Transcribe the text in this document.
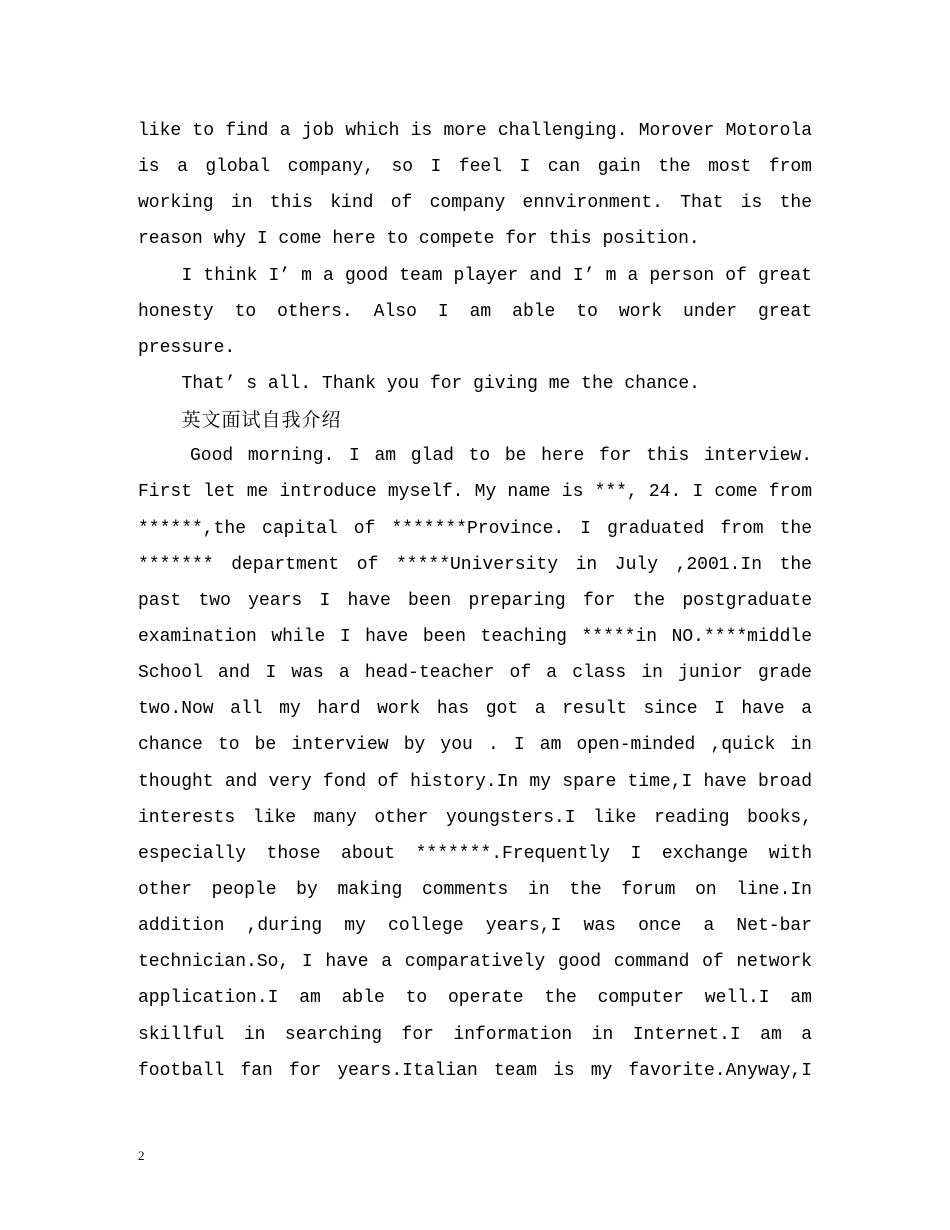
like to find a job which is more challenging. Morover Motorola
is a global company, so I feel I can gain the most from
working in this kind of company ennvironment. That is the
reason why I come here to compete for this position.
I think I’ m a good team player and I’ m a person of great
honesty to others. Also I am able to work under great
pressure.
That’ s all. Thank you for giving me the chance.
英文面试自我介绍
Good morning. I am glad to be here for this interview.
First let me introduce myself. My name is ***, 24. I come from
******,the capital of *******Province. I graduated from the
******* department of *****University in July ,2001.In the
past two years I have been preparing for the postgraduate
examination while I have been teaching *****in NO.****middle
School and I was a head-teacher of a class in junior grade
two.Now all my hard work has got a result since I have a
chance to be interview by you . I am open-minded ,quick in
thought and very fond of history.In my spare time,I have broad
interests like many other youngsters.I like reading books,
especially those about *******.Frequently I exchange with
other people by making comments in the forum on line.In
addition ,during my college years,I was once a Net-bar
technician.So, I have a comparatively good command of network
application.I am able to operate the computer well.I am
skillful in searching for information in Internet.I am a
football fan for years.Italian team is my favorite.Anyway,I
2
